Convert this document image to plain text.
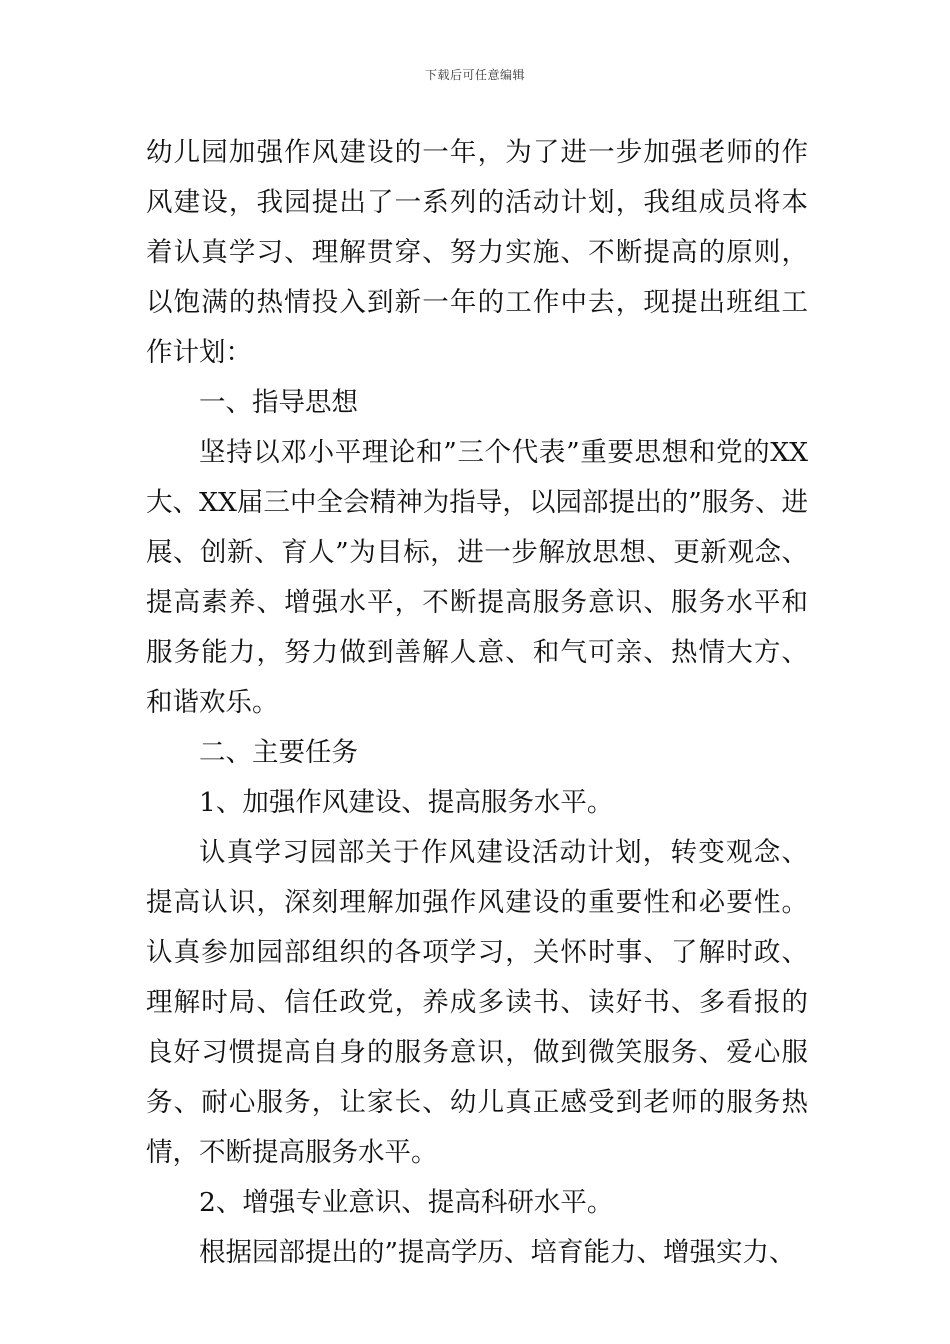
下载后可任意编辑

幼儿园加强作风建设的一年，为了进一步加强老师的作风建设，我园提出了一系列的活动计划，我组成员将本着认真学习、理解贯穿、努力实施、不断提高的原则，以饱满的热情投入到新一年的工作中去，现提出班组工作计划：

一、指导思想

坚持以邓小平理论和”三个代表”重要思想和党的XX大、XX届三中全会精神为指导，以园部提出的”服务、进展、创新、育人”为目标，进一步解放思想、更新观念、提高素养、增强水平，不断提高服务意识、服务水平和服务能力，努力做到善解人意、和气可亲、热情大方、和谐欢乐。

二、主要任务

1、加强作风建设、提高服务水平。

认真学习园部关于作风建设活动计划，转变观念、提高认识，深刻理解加强作风建设的重要性和必要性。认真参加园部组织的各项学习，关怀时事、了解时政、理解时局、信任政党，养成多读书、读好书、多看报的良好习惯提高自身的服务意识，做到微笑服务、爱心服务、耐心服务，让家长、幼儿真正感受到老师的服务热情，不断提高服务水平。

2、增强专业意识、提高科研水平。

根据园部提出的”提高学历、培育能力、增强实力、
